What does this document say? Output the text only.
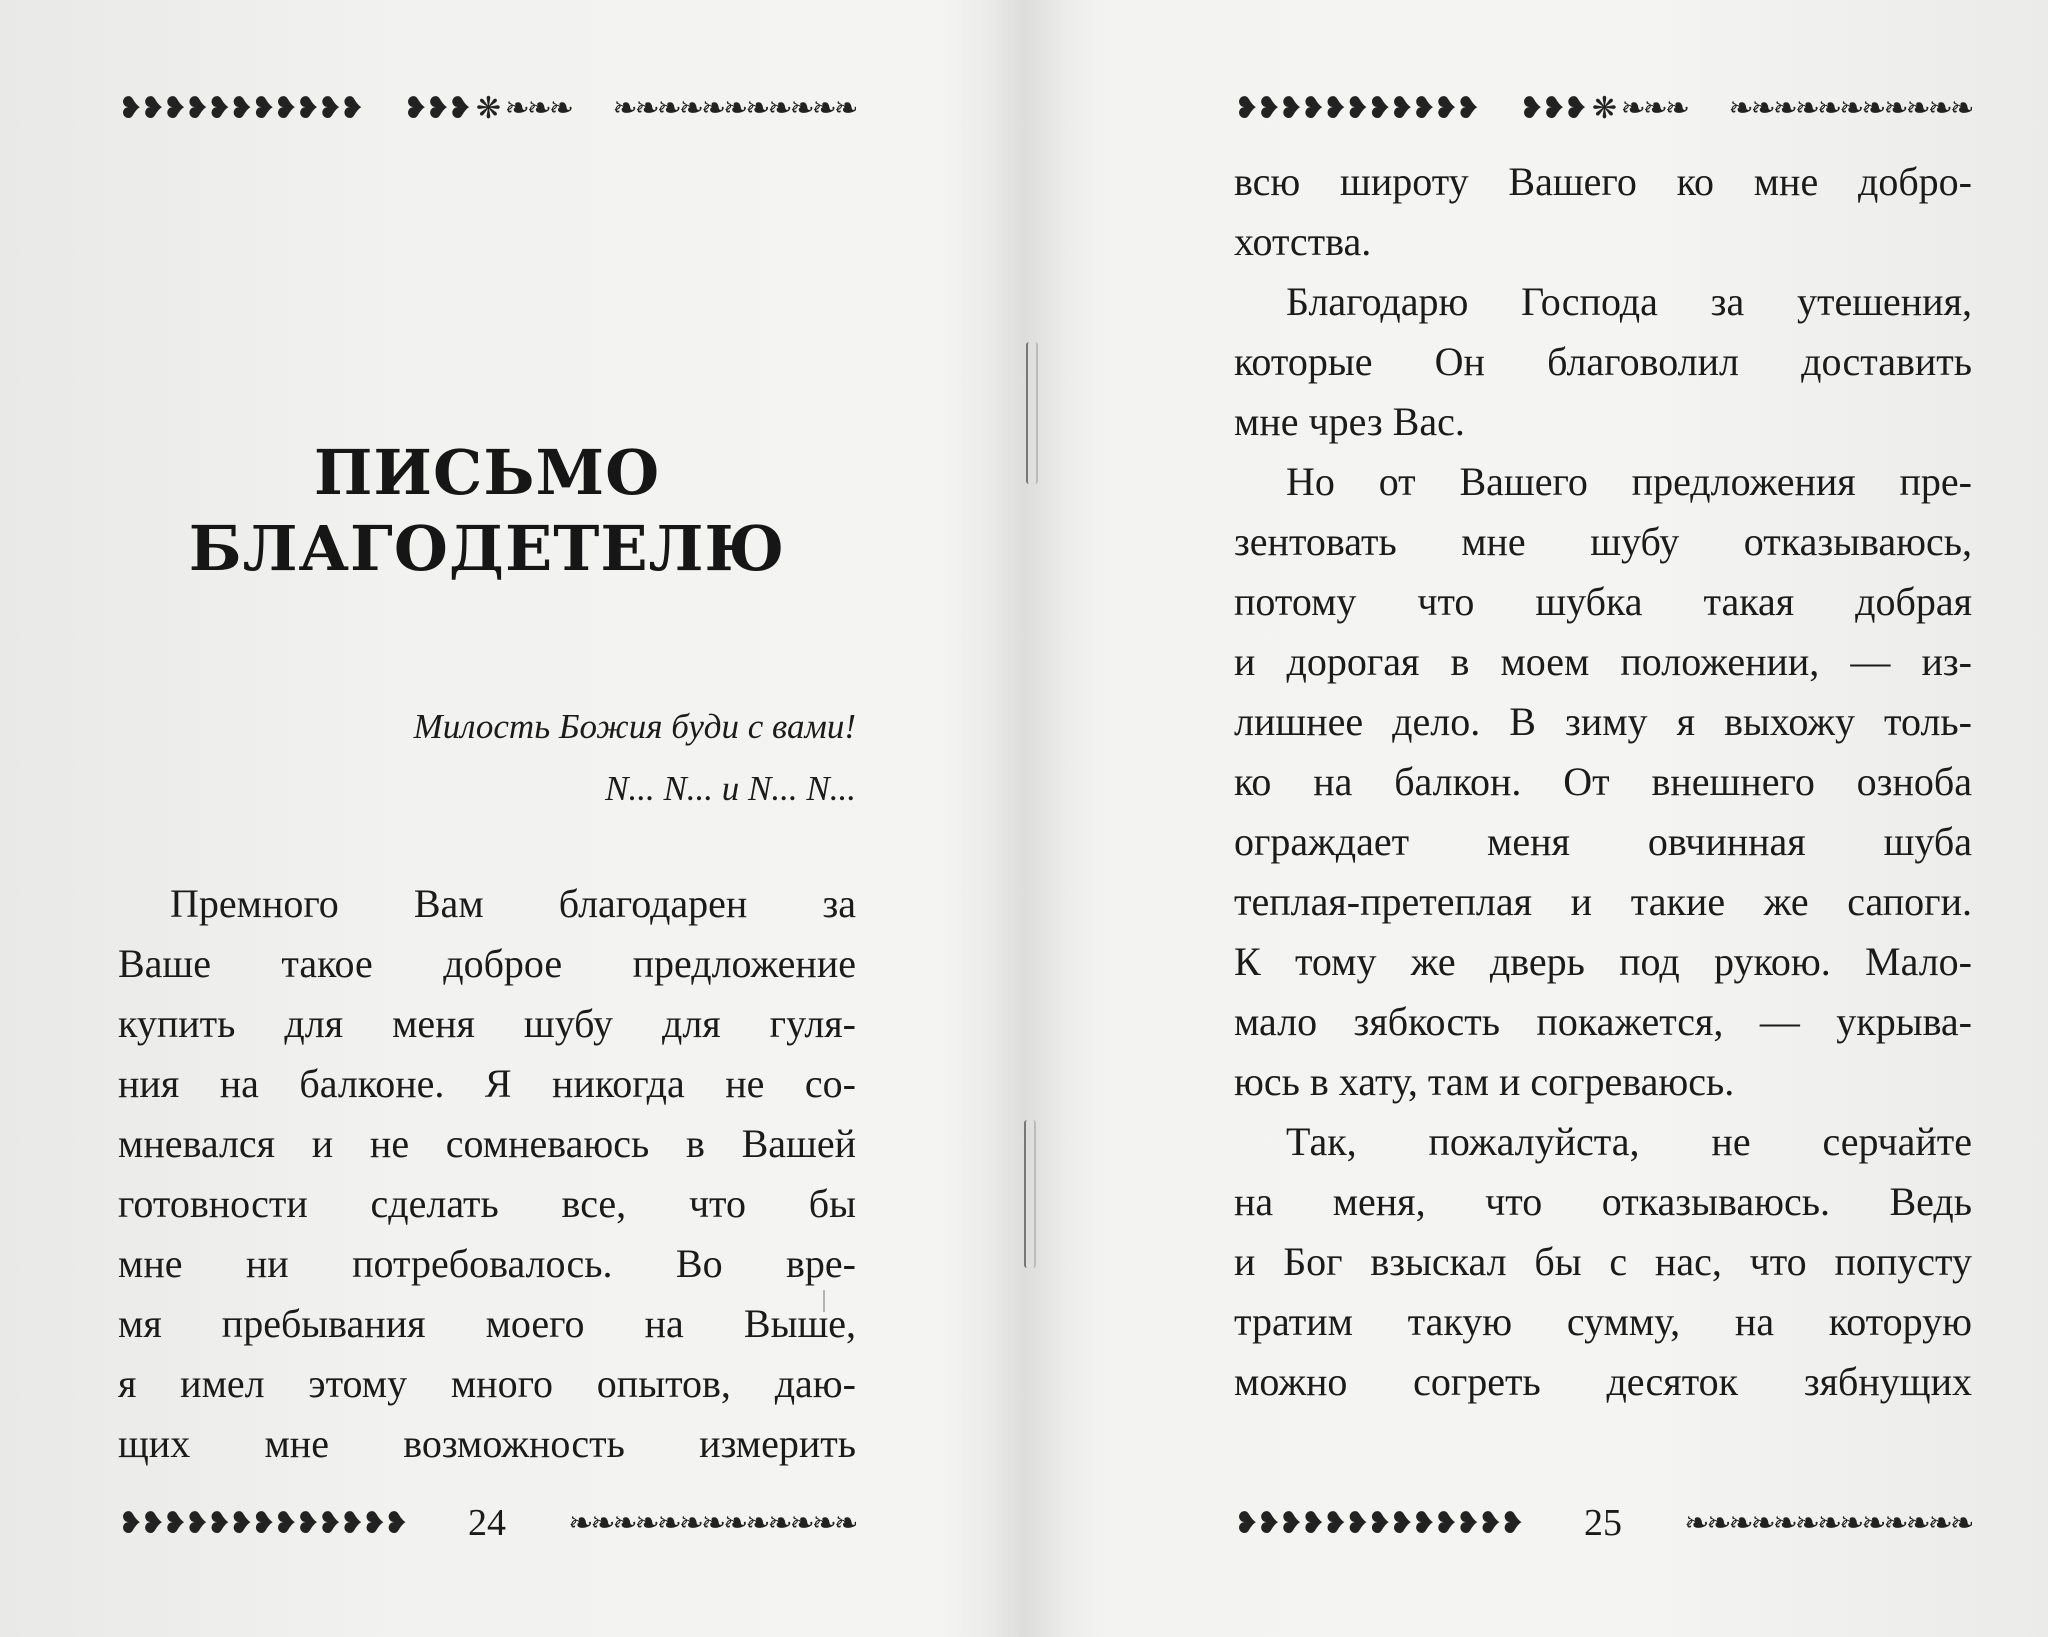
❥❥❥❥❥❥❥❥❥❥❥ ❥❥❥ ❋ ❧❧❧ ❧❧❧❧❧❧❧❧❧❧❧
ПИСЬМО
БЛАГОДЕТЕЛЮ
Милость Божия буди с вами!
N... N... и N... N...
Премного Вам благодарен за
Ваше такое доброе предложение
купить для меня шубу для гуля-
ния на балконе. Я никогда не со-
мневался и не сомневаюсь в Вашей
готовности сделать все, что бы
мне ни потребовалось. Во вре-
мя пребывания моего на Выше,
я имел этому много опытов, даю-
щих мне возможность измерить
❥❥❥❥❥❥❥❥❥❥❥❥❥ 24 ❧❧❧❧❧❧❧❧❧❧❧❧❧
❥❥❥❥❥❥❥❥❥❥❥ ❥❥❥ ❋ ❧❧❧ ❧❧❧❧❧❧❧❧❧❧❧
всю широту Вашего ко мне добро-
хотства.
Благодарю Господа за утешения,
которые Он благоволил доставить
мне чрез Вас.
Но от Вашего предложения пре-
зентовать мне шубу отказываюсь,
потому что шубка такая добрая
и дорогая в моем положении, — из-
лишнее дело. В зиму я выхожу толь-
ко на балкон. От внешнего озноба
ограждает меня овчинная шуба
теплая-претеплая и такие же сапоги.
К тому же дверь под рукою. Мало-
мало зябкость покажется, — укрыва-
юсь в хату, там и согреваюсь.
Так, пожалуйста, не серчайте
на меня, что отказываюсь. Ведь
и Бог взыскал бы с нас, что попусту
тратим такую сумму, на которую
можно согреть десяток зябнущих
❥❥❥❥❥❥❥❥❥❥❥❥❥ 25 ❧❧❧❧❧❧❧❧❧❧❧❧❧
